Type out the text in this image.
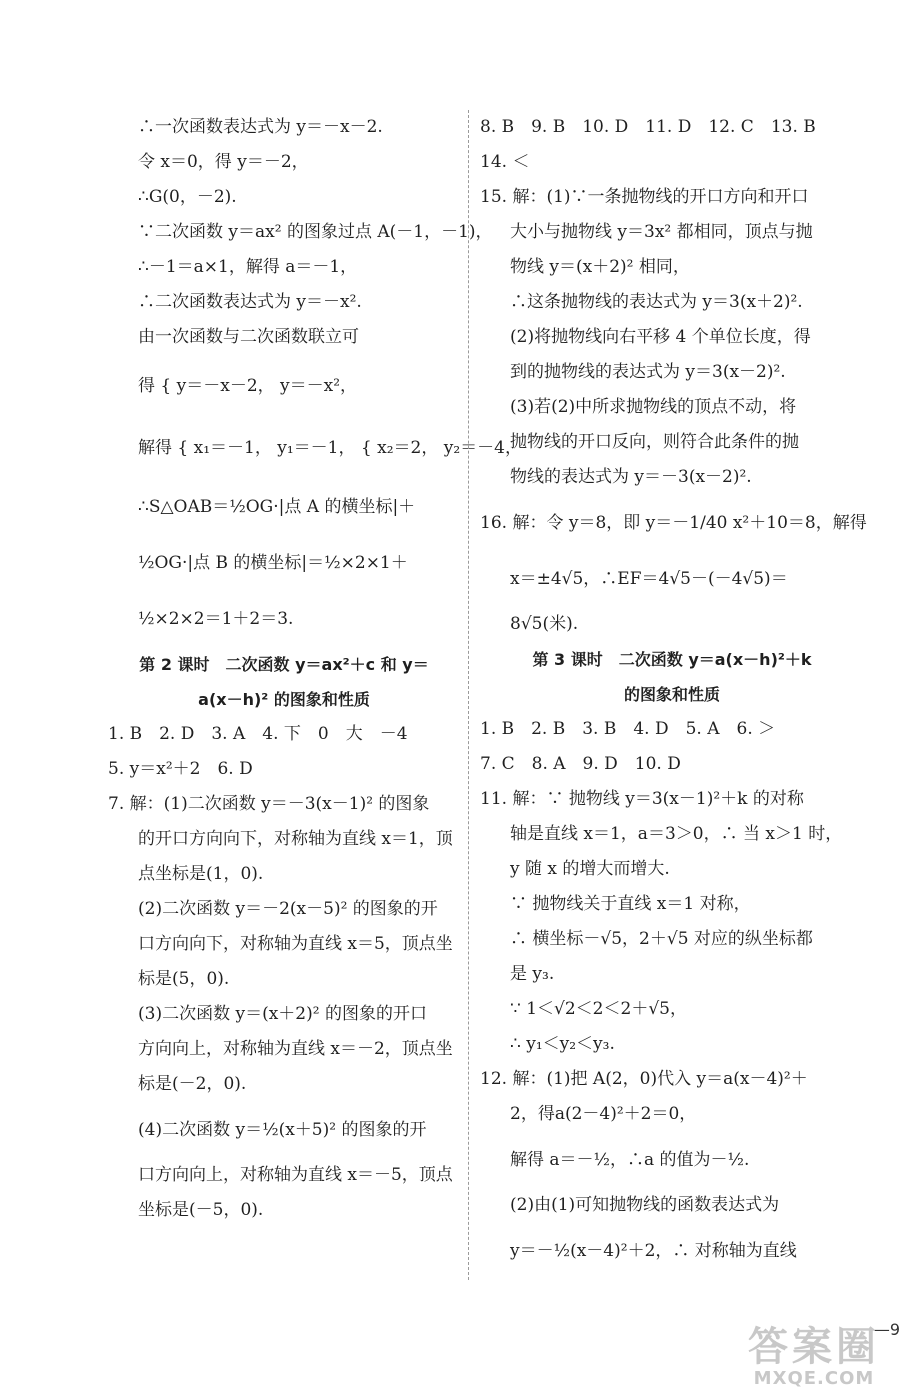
∴一次函数表达式为 y＝－x－2.
令 x＝0，得 y＝－2，
∴G(0，－2).
∵二次函数 y＝ax² 的图象过点 A(－1，－1)，
∴－1＝a×1，解得 a＝－1，
∴二次函数表达式为 y＝－x².
由一次函数与二次函数联立可
得 { y＝－x－2， y＝－x²，
解得 { x₁＝－1， y₁＝－1， { x₂＝2， y₂＝－4，
∴S△OAB＝½OG·|点 A 的横坐标|＋
½OG·|点 B 的横坐标|＝½×2×1＋
½×2×2＝1＋2＝3.
第 2 课时　二次函数 y＝ax²＋c 和 y＝
a(x－h)² 的图象和性质
1. B　2. D　3. A　4. 下　0　大　－4
5. y＝x²＋2　6. D
7. 解：(1)二次函数 y＝－3(x－1)² 的图象
的开口方向向下，对称轴为直线 x＝1，顶
点坐标是(1，0).
(2)二次函数 y＝－2(x－5)² 的图象的开
口方向向下，对称轴为直线 x＝5，顶点坐
标是(5，0).
(3)二次函数 y＝(x＋2)² 的图象的开口
方向向上，对称轴为直线 x＝－2，顶点坐
标是(－2，0).
(4)二次函数 y＝½(x＋5)² 的图象的开
口方向向上，对称轴为直线 x＝－5，顶点
坐标是(－5，0).
8. B　9. B　10. D　11. D　12. C　13. B
14. ＜
15. 解：(1)∵一条抛物线的开口方向和开口
大小与抛物线 y＝3x² 都相同，顶点与抛
物线 y＝(x＋2)² 相同，
∴这条抛物线的表达式为 y＝3(x＋2)².
(2)将抛物线向右平移 4 个单位长度，得
到的抛物线的表达式为 y＝3(x－2)².
(3)若(2)中所求抛物线的顶点不动，将
抛物线的开口反向，则符合此条件的抛
物线的表达式为 y＝－3(x－2)².
16. 解：令 y＝8，即 y＝－1/40 x²＋10＝8，解得
x＝±4√5，∴EF＝4√5－(－4√5)＝
8√5(米).
第 3 课时　二次函数 y＝a(x－h)²＋k
的图象和性质
1. B　2. B　3. B　4. D　5. A　6. ＞
7. C　8. A　9. D　10. D
11. 解：∵ 抛物线 y＝3(x－1)²＋k 的对称
轴是直线 x＝1，a＝3＞0，∴ 当 x＞1 时，
y 随 x 的增大而增大.
∵ 抛物线关于直线 x＝1 对称，
∴ 横坐标－√5，2＋√5 对应的纵坐标都
是 y₃.
∵ 1＜√2＜2＜2＋√5，
∴ y₁＜y₂＜y₃.
12. 解：(1)把 A(2，0)代入 y＝a(x－4)²＋
2，得a(2－4)²＋2＝0，
解得 a＝－½，∴a 的值为－½.
(2)由(1)可知抛物线的函数表达式为
y＝－½(x－4)²＋2，∴ 对称轴为直线
—9
答案圈
MXQE.COM
